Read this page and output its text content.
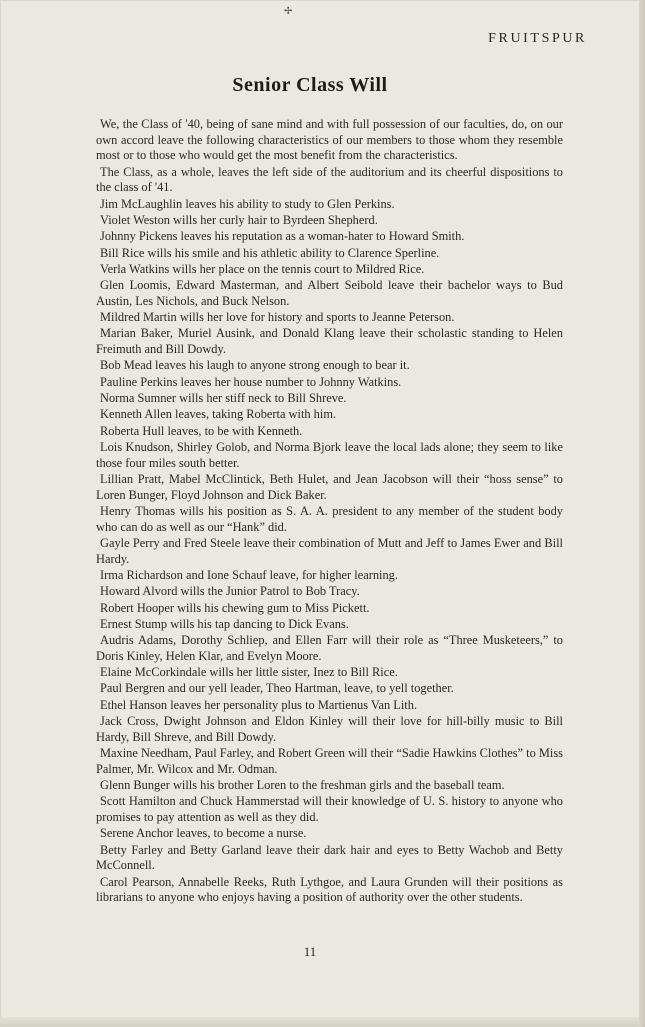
✢
FRUITSPUR
Senior Class Will

We, the Class of '40, being of sane mind and with full possession of our faculties, do, on our own accord leave the following characteristics of our members to those whom they resemble most or to those who would get the most benefit from the characteristics.

The Class, as a whole, leaves the left side of the auditorium and its cheerful dispositions to the class of '41.

Jim McLaughlin leaves his ability to study to Glen Perkins.

Violet Weston wills her curly hair to Byrdeen Shepherd.

Johnny Pickens leaves his reputation as a woman-hater to Howard Smith.

Bill Rice wills his smile and his athletic ability to Clarence Sperline.

Verla Watkins wills her place on the tennis court to Mildred Rice.

Glen Loomis, Edward Masterman, and Albert Seibold leave their bachelor ways to Bud Austin, Les Nichols, and Buck Nelson.

Mildred Martin wills her love for history and sports to Jeanne Peterson.

Marian Baker, Muriel Ausink, and Donald Klang leave their scholastic standing to Helen Freimuth and Bill Dowdy.

Bob Mead leaves his laugh to anyone strong enough to bear it.

Pauline Perkins leaves her house number to Johnny Watkins.

Norma Sumner wills her stiff neck to Bill Shreve.

Kenneth Allen leaves, taking Roberta with him.

Roberta Hull leaves, to be with Kenneth.

Lois Knudson, Shirley Golob, and Norma Bjork leave the local lads alone; they seem to like those four miles south better.

Lillian Pratt, Mabel McClintick, Beth Hulet, and Jean Jacobson will their “hoss sense” to Loren Bunger, Floyd Johnson and Dick Baker.

Henry Thomas wills his position as S. A. A. president to any member of the student body who can do as well as our “Hank” did.

Gayle Perry and Fred Steele leave their combination of Mutt and Jeff to James Ewer and Bill Hardy.

Irma Richardson and Ione Schauf leave, for higher learning.

Howard Alvord wills the Junior Patrol to Bob Tracy.

Robert Hooper wills his chewing gum to Miss Pickett.

Ernest Stump wills his tap dancing to Dick Evans.

Audris Adams, Dorothy Schliep, and Ellen Farr will their role as “Three Musketeers,” to Doris Kinley, Helen Klar, and Evelyn Moore.

Elaine McCorkindale wills her little sister, Inez to Bill Rice.

Paul Bergren and our yell leader, Theo Hartman, leave, to yell together.

Ethel Hanson leaves her personality plus to Martienus Van Lith.

Jack Cross, Dwight Johnson and Eldon Kinley will their love for hill-billy music to Bill Hardy, Bill Shreve, and Bill Dowdy.

Maxine Needham, Paul Farley, and Robert Green will their “Sadie Hawkins Clothes” to Miss Palmer, Mr. Wilcox and Mr. Odman.

Glenn Bunger wills his brother Loren to the freshman girls and the baseball team.

Scott Hamilton and Chuck Hammerstad will their knowledge of U. S. history to anyone who promises to pay attention as well as they did.

Serene Anchor leaves, to become a nurse.

Betty Farley and Betty Garland leave their dark hair and eyes to Betty Wachob and Betty McConnell.

Carol Pearson, Annabelle Reeks, Ruth Lythgoe, and Laura Grunden will their positions as librarians to anyone who enjoys having a position of authority over the other students.

11
